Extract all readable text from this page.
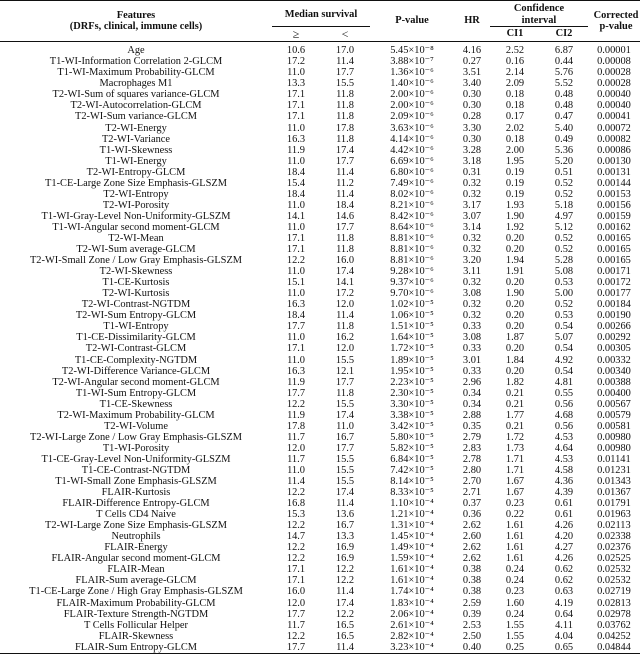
Features
(DRFs, clinical, immune cells)	Median survival		P-value	HR	Confidence interval		Corrected p-value

	≥	<			CI1	CI2	
Age	10.6	17.0	5.45×10⁻⁸	4.16	2.52	6.87	0.00001
T1-WI-Information Correlation 2-GLCM	17.2	11.4	3.88×10⁻⁷	0.27	0.16	0.44	0.00008
T1-WI-Maximum Probability-GLCM	11.0	17.7	1.36×10⁻⁶	3.51	2.14	5.76	0.00028
Macrophages M1	13.3	15.5	1.40×10⁻⁶	3.40	2.09	5.52	0.00028
T2-WI-Sum of squares variance-GLCM	17.1	11.8	2.00×10⁻⁶	0.30	0.18	0.48	0.00040
T2-WI-Autocorrelation-GLCM	17.1	11.8	2.00×10⁻⁶	0.30	0.18	0.48	0.00040
T2-WI-Sum variance-GLCM	17.1	11.8	2.09×10⁻⁶	0.28	0.17	0.47	0.00041
T2-WI-Energy	11.0	17.8	3.63×10⁻⁶	3.30	2.02	5.40	0.00072
T2-WI-Variance	16.3	11.8	4.14×10⁻⁶	0.30	0.18	0.49	0.00082
T1-WI-Skewness	11.9	17.4	4.42×10⁻⁶	3.28	2.00	5.36	0.00086
T1-WI-Energy	11.0	17.7	6.69×10⁻⁶	3.18	1.95	5.20	0.00130
T2-WI-Entropy-GLCM	18.4	11.4	6.80×10⁻⁶	0.31	0.19	0.51	0.00131
T1-CE-Large Zone Size Emphasis-GLSZM	15.4	11.2	7.49×10⁻⁶	0.32	0.19	0.52	0.00144
T2-WI-Entropy	18.4	11.4	8.02×10⁻⁶	0.32	0.19	0.52	0.00153
T2-WI-Porosity	11.0	18.4	8.21×10⁻⁶	3.17	1.93	5.18	0.00156
T1-WI-Gray-Level Non-Uniformity-GLSZM	14.1	14.6	8.42×10⁻⁶	3.07	1.90	4.97	0.00159
T1-WI-Angular second moment-GLCM	11.0	17.7	8.64×10⁻⁶	3.14	1.92	5.12	0.00162
T2-WI-Mean	17.1	11.8	8.81×10⁻⁶	0.32	0.20	0.52	0.00165
T2-WI-Sum average-GLCM	17.1	11.8	8.81×10⁻⁶	0.32	0.20	0.52	0.00165
T2-WI-Small Zone / Low Gray Emphasis-GLSZM	12.2	16.0	8.81×10⁻⁶	3.20	1.94	5.28	0.00165
T2-WI-Skewness	11.0	17.4	9.28×10⁻⁶	3.11	1.91	5.08	0.00171
T1-CE-Kurtosis	15.1	14.1	9.37×10⁻⁶	0.32	0.20	0.53	0.00172
T2-WI-Kurtosis	11.0	17.2	9.70×10⁻⁶	3.08	1.90	5.00	0.00177
T2-WI-Contrast-NGTDM	16.3	12.0	1.02×10⁻⁵	0.32	0.20	0.52	0.00184
T2-WI-Sum Entropy-GLCM	18.4	11.4	1.06×10⁻⁵	0.32	0.20	0.53	0.00190
T1-WI-Entropy	17.7	11.8	1.51×10⁻⁵	0.33	0.20	0.54	0.00266
T1-CE-Dissimilarity-GLCM	11.0	16.2	1.64×10⁻⁵	3.08	1.87	5.07	0.00292
T2-WI-Contrast-GLCM	17.1	12.0	1.72×10⁻⁵	0.33	0.20	0.54	0.00305
T1-CE-Complexity-NGTDM	11.0	15.5	1.89×10⁻⁵	3.01	1.84	4.92	0.00332
T2-WI-Difference Variance-GLCM	16.3	12.1	1.95×10⁻⁵	0.33	0.20	0.54	0.00340
T2-WI-Angular second moment-GLCM	11.9	17.7	2.23×10⁻⁵	2.96	1.82	4.81	0.00388
T1-WI-Sum Entropy-GLCM	17.7	11.8	2.30×10⁻⁵	0.34	0.21	0.55	0.00400
T1-CE-Skewness	12.2	15.5	3.30×10⁻⁵	0.34	0.21	0.56	0.00567
T2-WI-Maximum Probability-GLCM	11.9	17.4	3.38×10⁻⁵	2.88	1.77	4.68	0.00579
T2-WI-Volume	17.8	11.0	3.42×10⁻⁵	0.35	0.21	0.56	0.00581
T2-WI-Large Zone / Low Gray Emphasis-GLSZM	11.7	16.7	5.80×10⁻⁵	2.79	1.72	4.53	0.00980
T1-WI-Porosity	12.0	17.7	5.82×10⁻⁵	2.83	1.73	4.64	0.00980
T1-CE-Gray-Level Non-Uniformity-GLSZM	11.7	15.5	6.84×10⁻⁵	2.78	1.71	4.53	0.01141
T1-CE-Contrast-NGTDM	11.0	15.5	7.42×10⁻⁵	2.80	1.71	4.58	0.01231
T1-WI-Small Zone Emphasis-GLSZM	11.4	15.5	8.14×10⁻⁵	2.70	1.67	4.36	0.01343
FLAIR-Kurtosis	12.2	17.4	8.33×10⁻⁵	2.71	1.67	4.39	0.01367
FLAIR-Difference Entropy-GLCM	16.8	11.4	1.10×10⁻⁴	0.37	0.23	0.61	0.01791
T Cells CD4 Naive	15.3	13.6	1.21×10⁻⁴	0.36	0.22	0.61	0.01963
T2-WI-Large Zone Size Emphasis-GLSZM	12.2	16.7	1.31×10⁻⁴	2.62	1.61	4.26	0.02113
Neutrophils	14.7	13.3	1.45×10⁻⁴	2.60	1.61	4.20	0.02338
FLAIR-Energy	12.2	16.9	1.49×10⁻⁴	2.62	1.61	4.27	0.02376
FLAIR-Angular second moment-GLCM	12.2	16.9	1.59×10⁻⁴	2.62	1.61	4.26	0.02525
FLAIR-Mean	17.1	12.2	1.61×10⁻⁴	0.38	0.24	0.62	0.02532
FLAIR-Sum average-GLCM	17.1	12.2	1.61×10⁻⁴	0.38	0.24	0.62	0.02532
T1-CE-Large Zone / High Gray Emphasis-GLSZM	16.0	11.4	1.74×10⁻⁴	0.38	0.23	0.63	0.02719
FLAIR-Maximum Probability-GLCM	12.0	17.4	1.83×10⁻⁴	2.59	1.60	4.19	0.02813
FLAIR-Texture Strength-NGTDM	17.7	12.2	2.06×10⁻⁴	0.39	0.24	0.64	0.02978
T Cells Follicular Helper	11.7	16.5	2.61×10⁻⁴	2.53	1.55	4.11	0.03762
FLAIR-Skewness	12.2	16.5	2.82×10⁻⁴	2.50	1.55	4.04	0.04252
FLAIR-Sum Entropy-GLCM	17.7	11.4	3.23×10⁻⁴	0.40	0.25	0.65	0.04844
